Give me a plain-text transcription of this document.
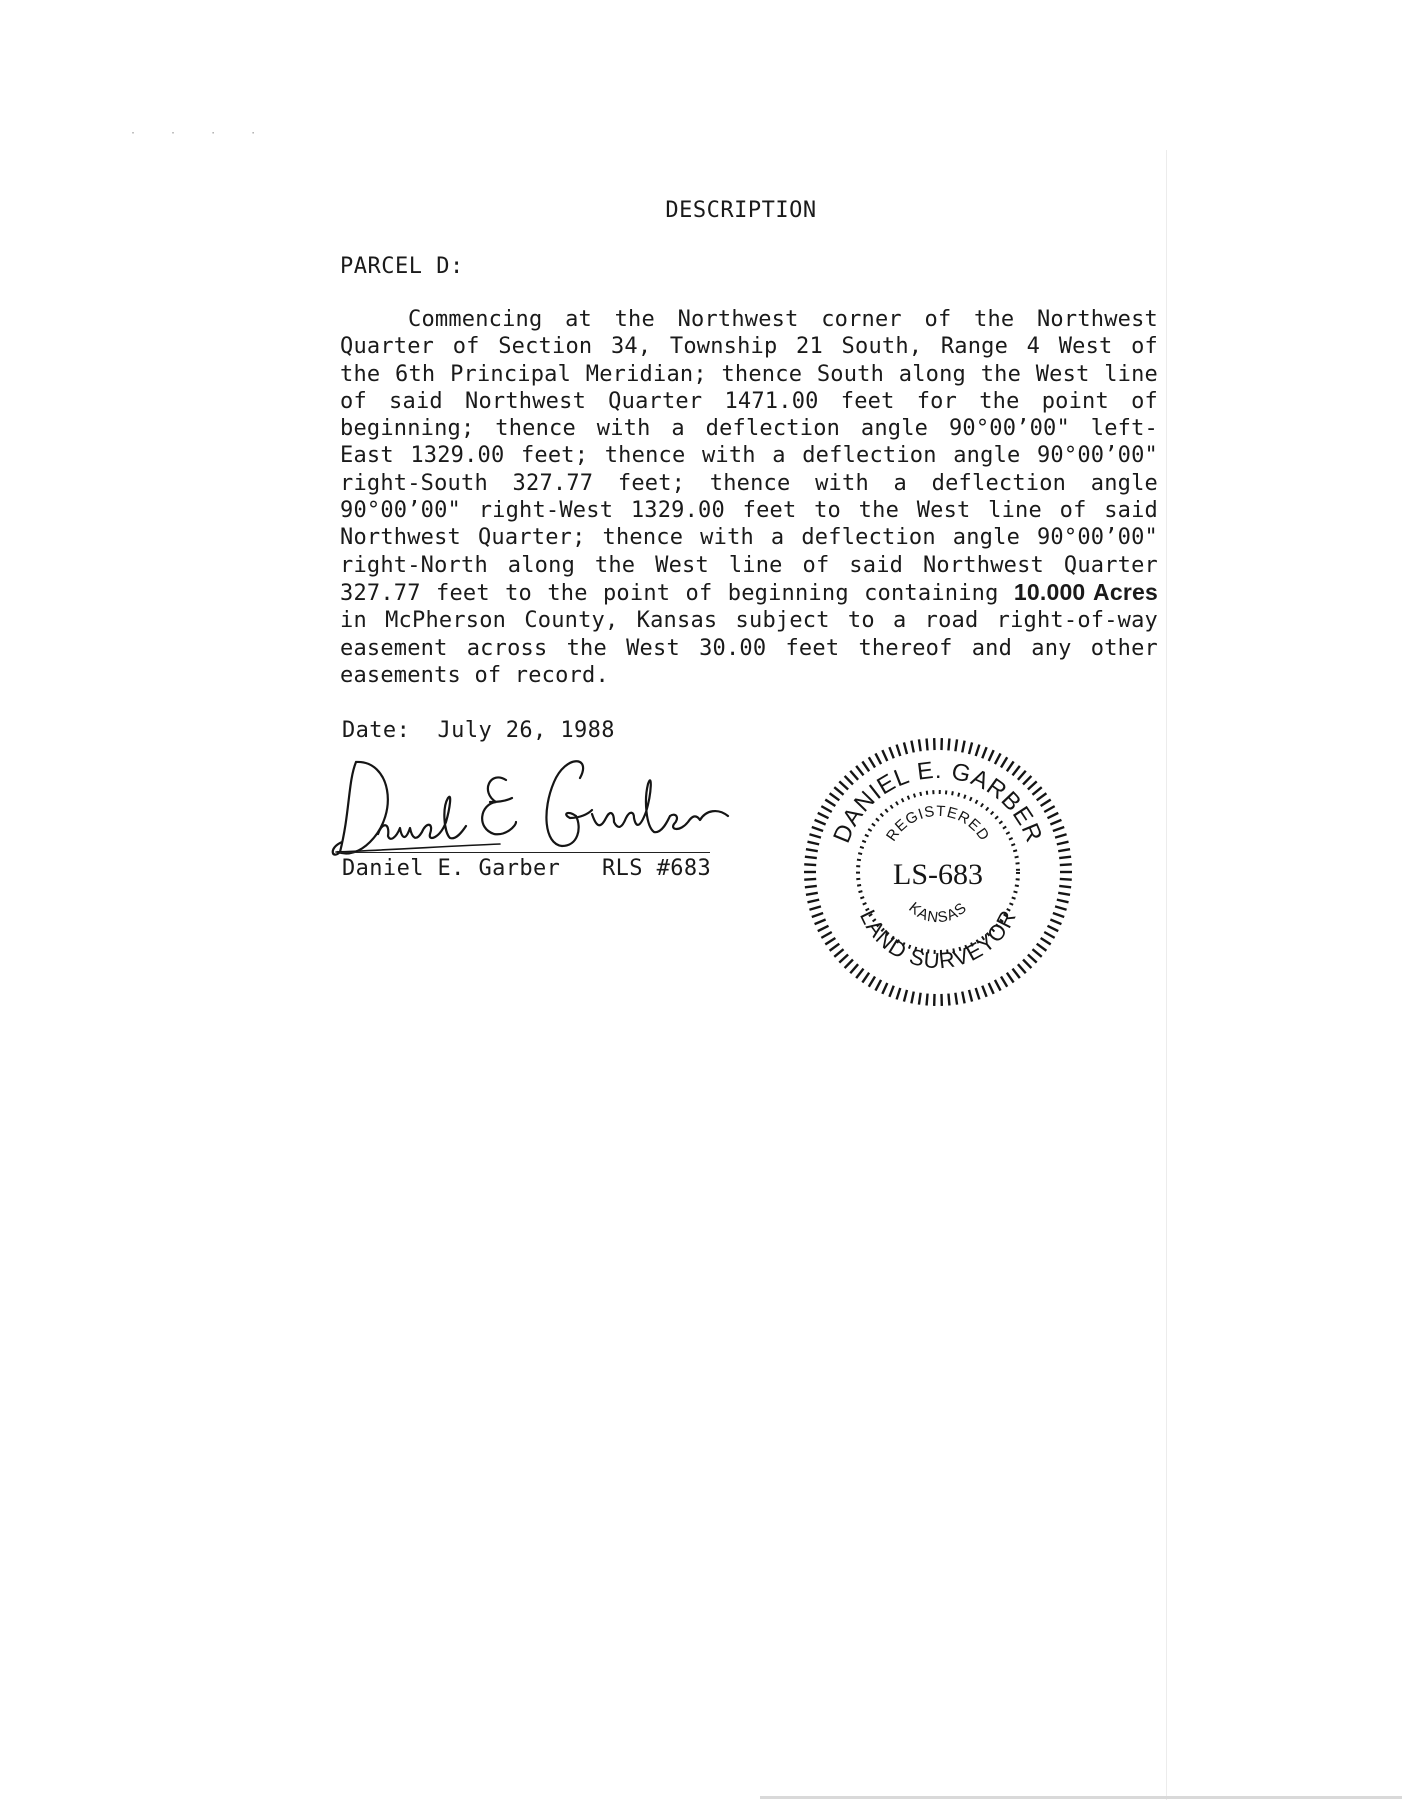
· · · ·
DESCRIPTION
PARCEL D:

Commencing at the Northwest corner of the Northwest Quarter of Section 34, Township 21 South, Range 4 West of the 6th Principal Meridian; thence South along the West line of said Northwest Quarter 1471.00 feet for the point of beginning; thence with a deflection angle 90°00’00" left-East 1329.00 feet; thence with a deflection angle 90°00’00" right-South 327.77 feet; thence with a deflection angle 90°00’00" right-West 1329.00 feet to the West line of said Northwest Quarter; thence with a deflection angle 90°00’00" right-North along the West line of said Northwest Quarter 327.77 feet to the point of beginning containing 10.000 Acres in McPherson County, Kansas subject to a road right-of-way easement across the West 30.00 feet thereof and any other easements of record.

Date: July 26, 1988
Daniel E. Garber RLS #683
DANIEL E. GARBER
LAND SURVEYOR
REGISTERED
KANSAS
LS-683
